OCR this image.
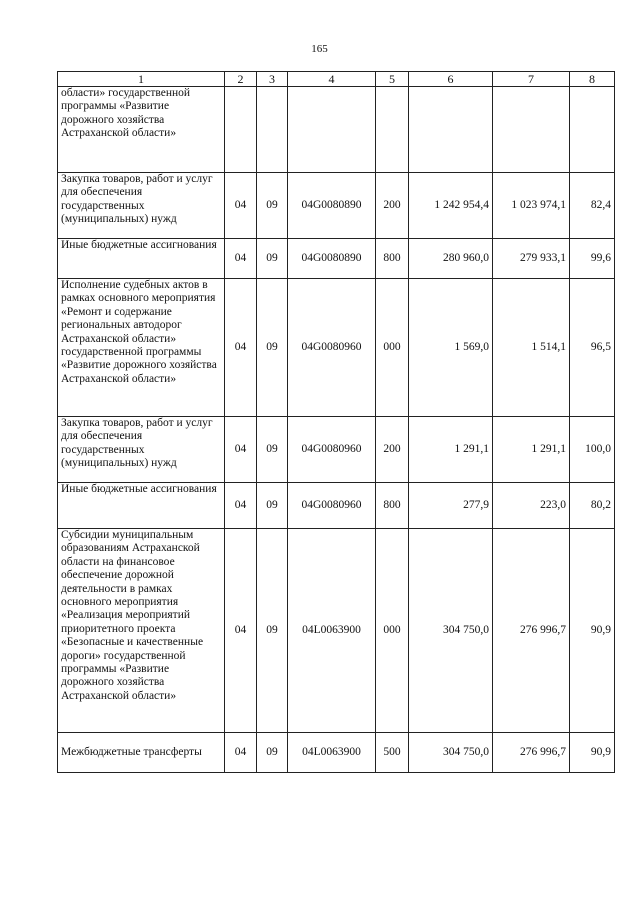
165
1	2	3	4	5	6	7	8
области» государственной программы «Развитие дорожного хозяйства Астраханской области»							
Закупка товаров, работ и услуг для обеспечения государственных (муниципальных) нужд	04	09	04G0080890	200	1 242 954,4	1 023 974,1	82,4
Иные бюджетные ассигнования	04	09	04G0080890	800	280 960,0	279 933,1	99,6
Исполнение судебных актов в рамках основного мероприятия «Ремонт и содержание региональных автодорог Астраханской области» государственной программы «Развитие дорожного хозяйства Астраханской области»	04	09	04G0080960	000	1 569,0	1 514,1	96,5
Закупка товаров, работ и услуг для обеспечения государственных (муниципальных) нужд	04	09	04G0080960	200	1 291,1	1 291,1	100,0
Иные бюджетные ассигнования	04	09	04G0080960	800	277,9	223,0	80,2
Субсидии муниципальным образованиям Астраханской области на финансовое обеспечение дорожной деятельности в рамках основного мероприятия «Реализация мероприятий приоритетного проекта «Безопасные и качественные дороги» государственной программы «Развитие дорожного хозяйства Астраханской области»	04	09	04L0063900	000	304 750,0	276 996,7	90,9
Межбюджетные трансферты	04	09	04L0063900	500	304 750,0	276 996,7	90,9
